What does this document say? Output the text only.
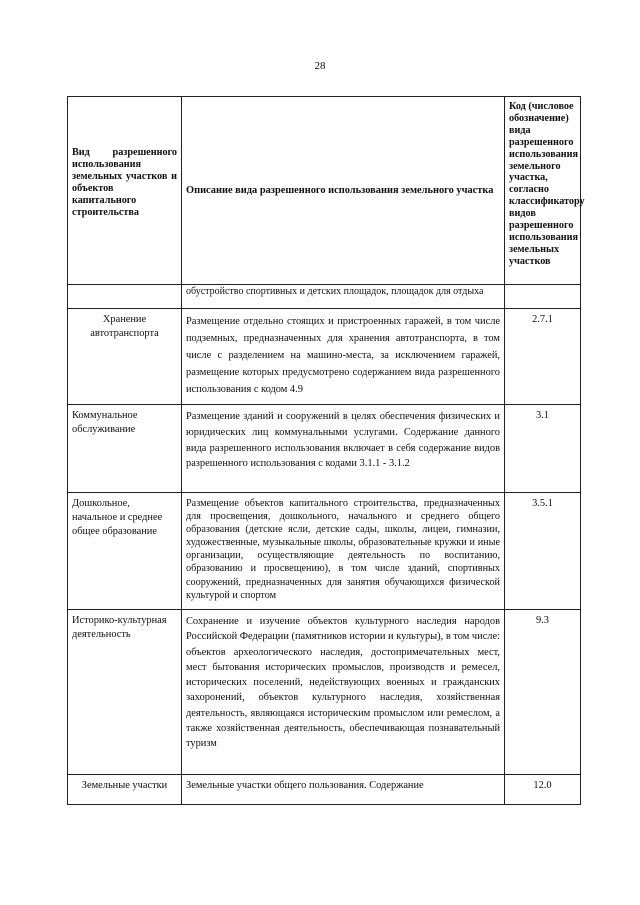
28
Вид разрешенного использования земельных участков и объектов капитального строительства	Описание вида разрешенного использования земельного участка	Код (числовое обозначение) вида разрешенного использования земельного участка, согласно классификатору видов разрешенного использования земельных участков
	обустройство спортивных и детских площадок, площадок для отдыха	
Хранение автотранспорта	Размещение отдельно стоящих и пристроенных гаражей, в том числе подземных, предназначенных для хранения автотранспорта, в том числе с разделением на машино-места, за исключением гаражей, размещение которых предусмотрено содержанием вида разрешенного использования с кодом 4.9	2.7.1
Коммунальное обслуживание	Размещение зданий и сооружений в целях обеспечения физических и юридических лиц коммунальными услугами. Содержание данного вида разрешенного использования включает в себя содержание видов разрешенного использования с кодами 3.1.1 - 3.1.2	3.1
Дошкольное, начальное и среднее общее образование	Размещение объектов капитального строительства, предназначенных для просвещения, дошкольного, начального и среднего общего образования (детские ясли, детские сады, школы, лицеи, гимназии, художественные, музыкальные школы, образовательные кружки и иные организации, осуществляющие деятельность по воспитанию, образованию и просвещению), в том числе зданий, спортивных сооружений, предназначенных для занятия обучающихся физической культурой и спортом	3.5.1
Историко-культурная деятельность	Сохранение и изучение объектов культурного наследия народов Российской Федерации (памятников истории и культуры), в том числе: объектов археологического наследия, достопримечательных мест, мест бытования исторических промыслов, производств и ремесел, исторических поселений, недействующих военных и гражданских захоронений, объектов культурного наследия, хозяйственная деятельность, являющаяся историческим промыслом или ремеслом, а также хозяйственная деятельность, обеспечивающая познавательный туризм	9.3
Земельные участки	Земельные участки общего пользования. Содержание	12.0
